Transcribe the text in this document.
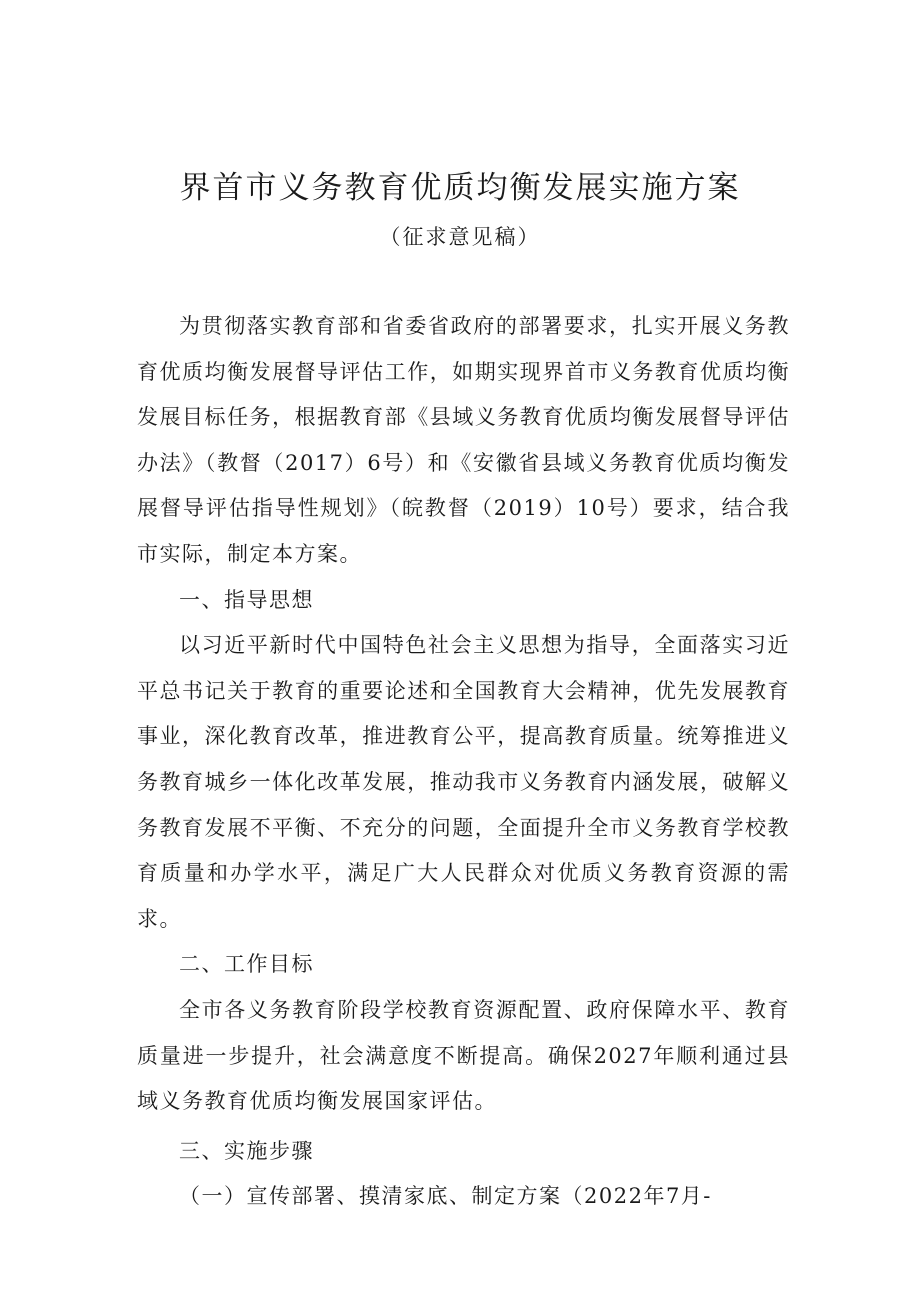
界首市义务教育优质均衡发展实施方案
（征求意见稿）

为贯彻落实教育部和省委省政府的部署要求，扎实开展义务教育优质均衡发展督导评估工作，如期实现界首市义务教育优质均衡发展目标任务，根据教育部《县域义务教育优质均衡发展督导评估办法》（教督（2017）6号）和《安徽省县域义务教育优质均衡发展督导评估指导性规划》（皖教督（2019）10号）要求，结合我市实际，制定本方案。

一、指导思想

以习近平新时代中国特色社会主义思想为指导，全面落实习近平总书记关于教育的重要论述和全国教育大会精神，优先发展教育事业，深化教育改革，推进教育公平，提高教育质量。统筹推进义务教育城乡一体化改革发展，推动我市义务教育内涵发展，破解义务教育发展不平衡、不充分的问题，全面提升全市义务教育学校教育质量和办学水平，满足广大人民群众对优质义务教育资源的需求。

二、工作目标

全市各义务教育阶段学校教育资源配置、政府保障水平、教育质量进一步提升，社会满意度不断提高。确保2027年顺利通过县域义务教育优质均衡发展国家评估。

三、实施步骤

（一）宣传部署、摸清家底、制定方案（2022年7月-
